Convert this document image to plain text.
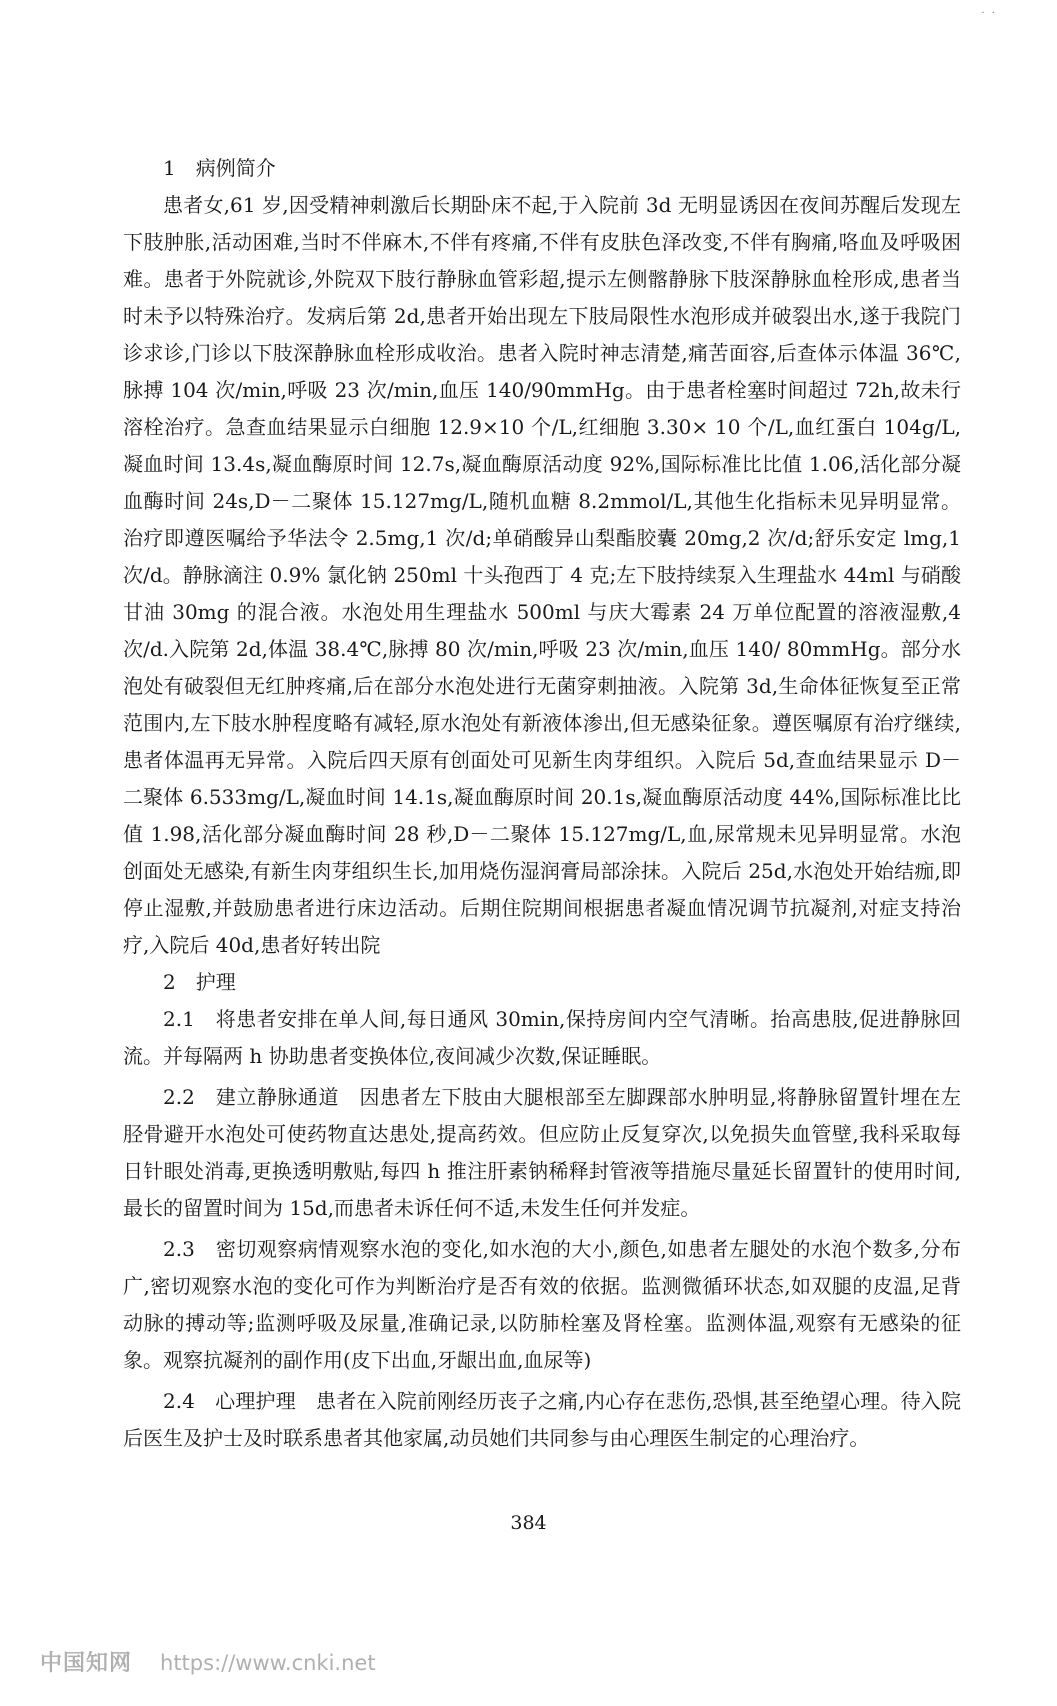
· ·

1　病例简介

患者女,61 岁,因受精神刺激后长期卧床不起,于入院前 3d 无明显诱因在夜间苏醒后发现左下肢肿胀,活动困难,当时不伴麻木,不伴有疼痛,不伴有皮肤色泽改变,不伴有胸痛,咯血及呼吸困难。患者于外院就诊,外院双下肢行静脉血管彩超,提示左侧髂静脉下肢深静脉血栓形成,患者当时未予以特殊治疗。发病后第 2d,患者开始出现左下肢局限性水泡形成并破裂出水,遂于我院门诊求诊,门诊以下肢深静脉血栓形成收治。患者入院时神志清楚,痛苦面容,后查体示体温 36℃,脉搏 104 次/min,呼吸 23 次/min,血压 140/90mmHg。由于患者栓塞时间超过 72h,故未行溶栓治疗。急查血结果显示白细胞 12.9×10 个/L,红细胞 3.30× 10 个/L,血红蛋白 104g/L,凝血时间 13.4s,凝血酶原时间 12.7s,凝血酶原活动度 92%,国际标准比比值 1.06,活化部分凝血酶时间 24s,D－二聚体 15.127mg/L,随机血糖 8.2mmol/L,其他生化指标未见异明显常。治疗即遵医嘱给予华法令 2.5mg,1 次/d;单硝酸异山梨酯胶囊 20mg,2 次/d;舒乐安定 lmg,1 次/d。静脉滴注 0.9% 氯化钠 250ml 十头孢西丁 4 克;左下肢持续泵入生理盐水 44ml 与硝酸甘油 30mg 的混合液。水泡处用生理盐水 500ml 与庆大霉素 24 万单位配置的溶液湿敷,4 次/d.入院第 2d,体温 38.4℃,脉搏 80 次/min,呼吸 23 次/min,血压 140/ 80mmHg。部分水泡处有破裂但无红肿疼痛,后在部分水泡处进行无菌穿刺抽液。入院第 3d,生命体征恢复至正常范围内,左下肢水肿程度略有减轻,原水泡处有新液体渗出,但无感染征象。遵医嘱原有治疗继续,患者体温再无异常。入院后四天原有创面处可见新生肉芽组织。入院后 5d,查血结果显示 D－二聚体 6.533mg/L,凝血时间 14.1s,凝血酶原时间 20.1s,凝血酶原活动度 44%,国际标准比比值 1.98,活化部分凝血酶时间 28 秒,D－二聚体 15.127mg/L,血,尿常规未见异明显常。水泡创面处无感染,有新生肉芽组织生长,加用烧伤湿润膏局部涂抹。入院后 25d,水泡处开始结痂,即停止湿敷,并鼓励患者进行床边活动。后期住院期间根据患者凝血情况调节抗凝剂,对症支持治疗,入院后 40d,患者好转出院

2　护理

2.1　将患者安排在单人间,每日通风 30min,保持房间内空气清晰。抬高患肢,促进静脉回流。并每隔两 h 协助患者变换体位,夜间减少次数,保证睡眠。

2.2　建立静脉通道　因患者左下肢由大腿根部至左脚踝部水肿明显,将静脉留置针埋在左胫骨避开水泡处可使药物直达患处,提高药效。但应防止反复穿次,以免损失血管壁,我科采取每日针眼处消毒,更换透明敷贴,每四 h 推注肝素钠稀释封管液等措施尽量延长留置针的使用时间,最长的留置时间为 15d,而患者未诉任何不适,未发生任何并发症。

2.3　密切观察病情观察水泡的变化,如水泡的大小,颜色,如患者左腿处的水泡个数多,分布广,密切观察水泡的变化可作为判断治疗是否有效的依据。监测微循环状态,如双腿的皮温,足背动脉的搏动等;监测呼吸及尿量,准确记录,以防肺栓塞及肾栓塞。监测体温,观察有无感染的征象。观察抗凝剂的副作用(皮下出血,牙龈出血,血尿等)

2.4　心理护理　患者在入院前刚经历丧子之痛,内心存在悲伤,恐惧,甚至绝望心理。待入院后医生及护士及时联系患者其他家属,动员她们共同参与由心理医生制定的心理治疗。

384
中国知网 https://www.cnki.net
